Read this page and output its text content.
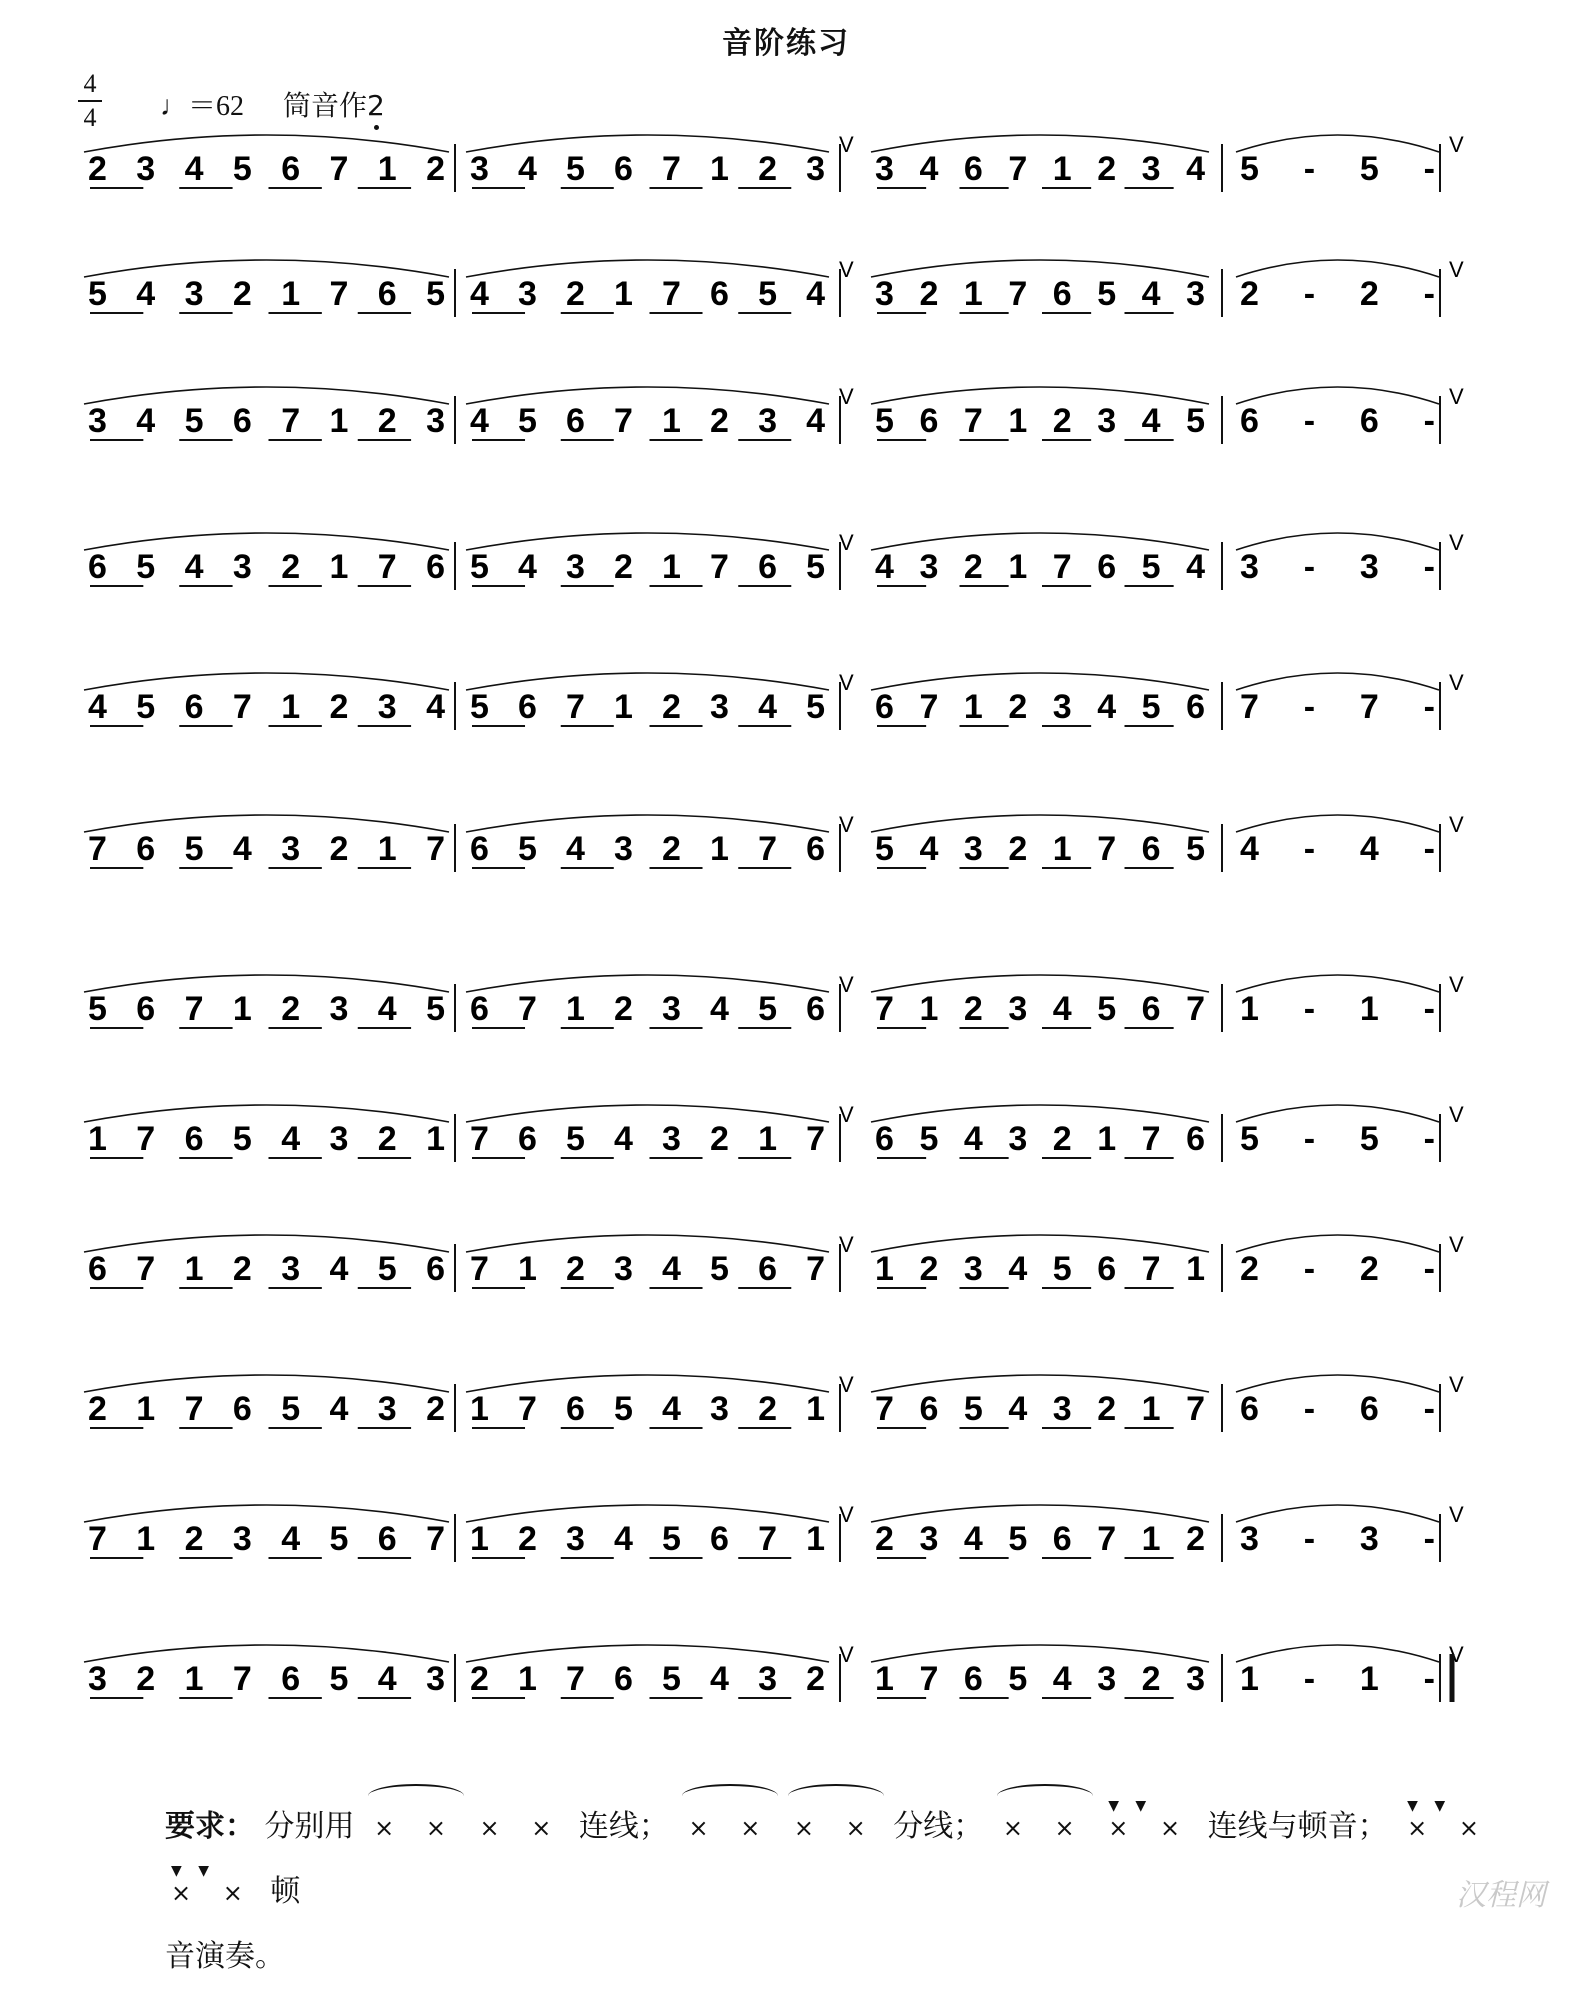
音阶练习
4
4 ♩＝62 筒音作2
2 3 4 5 6 7 1 2 3 4 5 6 7 1 2 3
V
3 4 6 7 1 2 3 4 5 - 5 -
V
5 4 3 2 1 7 6 5 4 3 2 1 7 6 5 4
V
3 2 1 7 6 5 4 3 2 - 2 -
V
3 4 5 6 7 1 2 3 4 5 6 7 1 2 3 4
V
5 6 7 1 2 3 4 5 6 - 6 -
V
6 5 4 3 2 1 7 6 5 4 3 2 1 7 6 5
V
4 3 2 1 7 6 5 4 3 - 3 -
V
4 5 6 7 1 2 3 4 5 6 7 1 2 3 4 5
V
6 7 1 2 3 4 5 6 7 - 7 -
V
7 6 5 4 3 2 1 7 6 5 4 3 2 1 7 6
V
5 4 3 2 1 7 6 5 4 - 4 -
V
5 6 7 1 2 3 4 5 6 7 1 2 3 4 5 6
V
7 1 2 3 4 5 6 7 1 - 1 -
V
1 7 6 5 4 3 2 1 7 6 5 4 3 2 1 7
V
6 5 4 3 2 1 7 6 5 - 5 -
V
6 7 1 2 3 4 5 6 7 1 2 3 4 5 6 7
V
1 2 3 4 5 6 7 1 2 - 2 -
V
2 1 7 6 5 4 3 2 1 7 6 5 4 3 2 1
V
7 6 5 4 3 2 1 7 6 - 6 -
V
7 1 2 3 4 5 6 7 1 2 3 4 5 6 7 1
V
2 3 4 5 6 7 1 2 3 - 3 -
V
3 2 1 7 6 5 4 3 2 1 7 6 5 4 3 2
V
1 7 6 5 4 3 2 3 1 - 1 -
V
要求： 分别用 × × × × 连线； × × × × 分线； × × × × ▼ ▼ 连线与顿音； × × ▼ ▼ × × ▼ ▼ 顿
音演奏。
汉程网
